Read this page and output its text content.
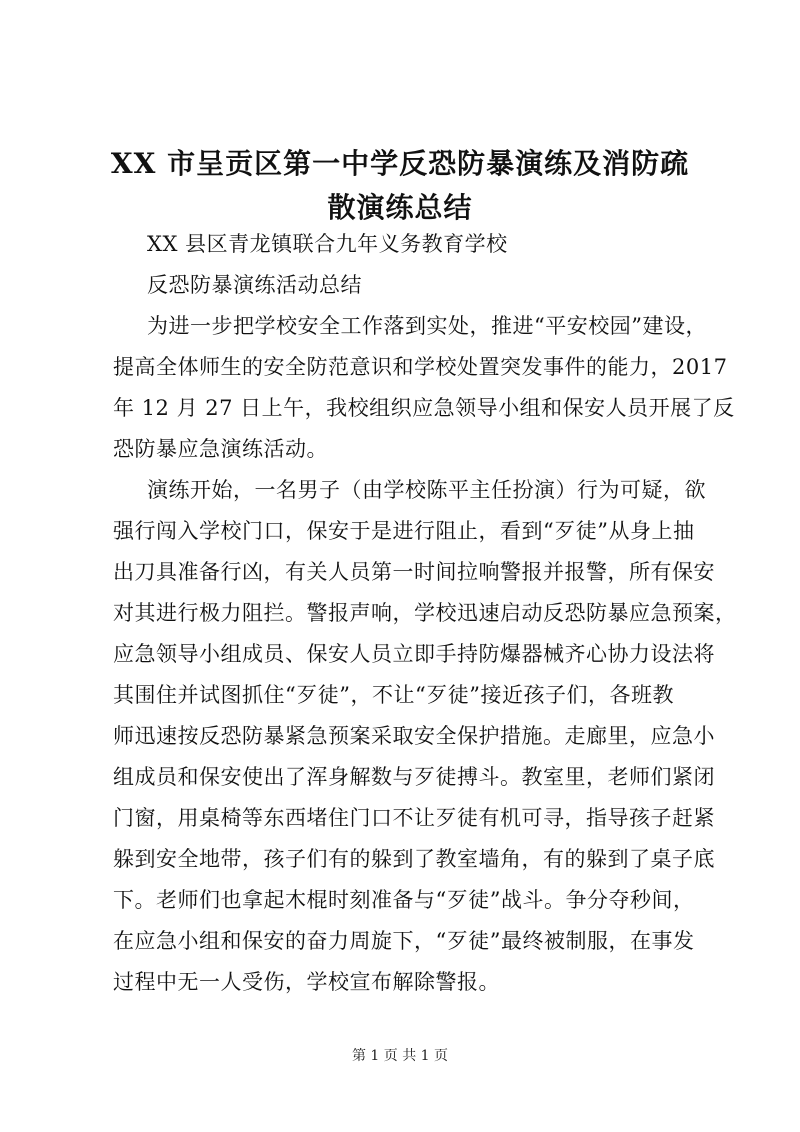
XX 市呈贡区第一中学反恐防暴演练及消防疏
散演练总结
XX 县区青龙镇联合九年义务教育学校
反恐防暴演练活动总结
为进一步把学校安全工作落到实处，推进“平安校园”建设，
提高全体师生的安全防范意识和学校处置突发事件的能力，2017
年 12 月 27 日上午，我校组织应急领导小组和保安人员开展了反
恐防暴应急演练活动。
演练开始，一名男子（由学校陈平主任扮演）行为可疑，欲
强行闯入学校门口，保安于是进行阻止，看到“歹徒”从身上抽
出刀具准备行凶，有关人员第一时间拉响警报并报警，所有保安
对其进行极力阻拦。警报声响，学校迅速启动反恐防暴应急预案，
应急领导小组成员、保安人员立即手持防爆器械齐心协力设法将
其围住并试图抓住“歹徒”，不让“歹徒”接近孩子们，各班教
师迅速按反恐防暴紧急预案采取安全保护措施。走廊里，应急小
组成员和保安使出了浑身解数与歹徒搏斗。教室里，老师们紧闭
门窗，用桌椅等东西堵住门口不让歹徒有机可寻，指导孩子赶紧
躲到安全地带，孩子们有的躲到了教室墙角，有的躲到了桌子底
下。老师们也拿起木棍时刻准备与“歹徒”战斗。争分夺秒间，
在应急小组和保安的奋力周旋下，“歹徒”最终被制服，在事发
过程中无一人受伤，学校宣布解除警报。
第 1 页 共 1 页
